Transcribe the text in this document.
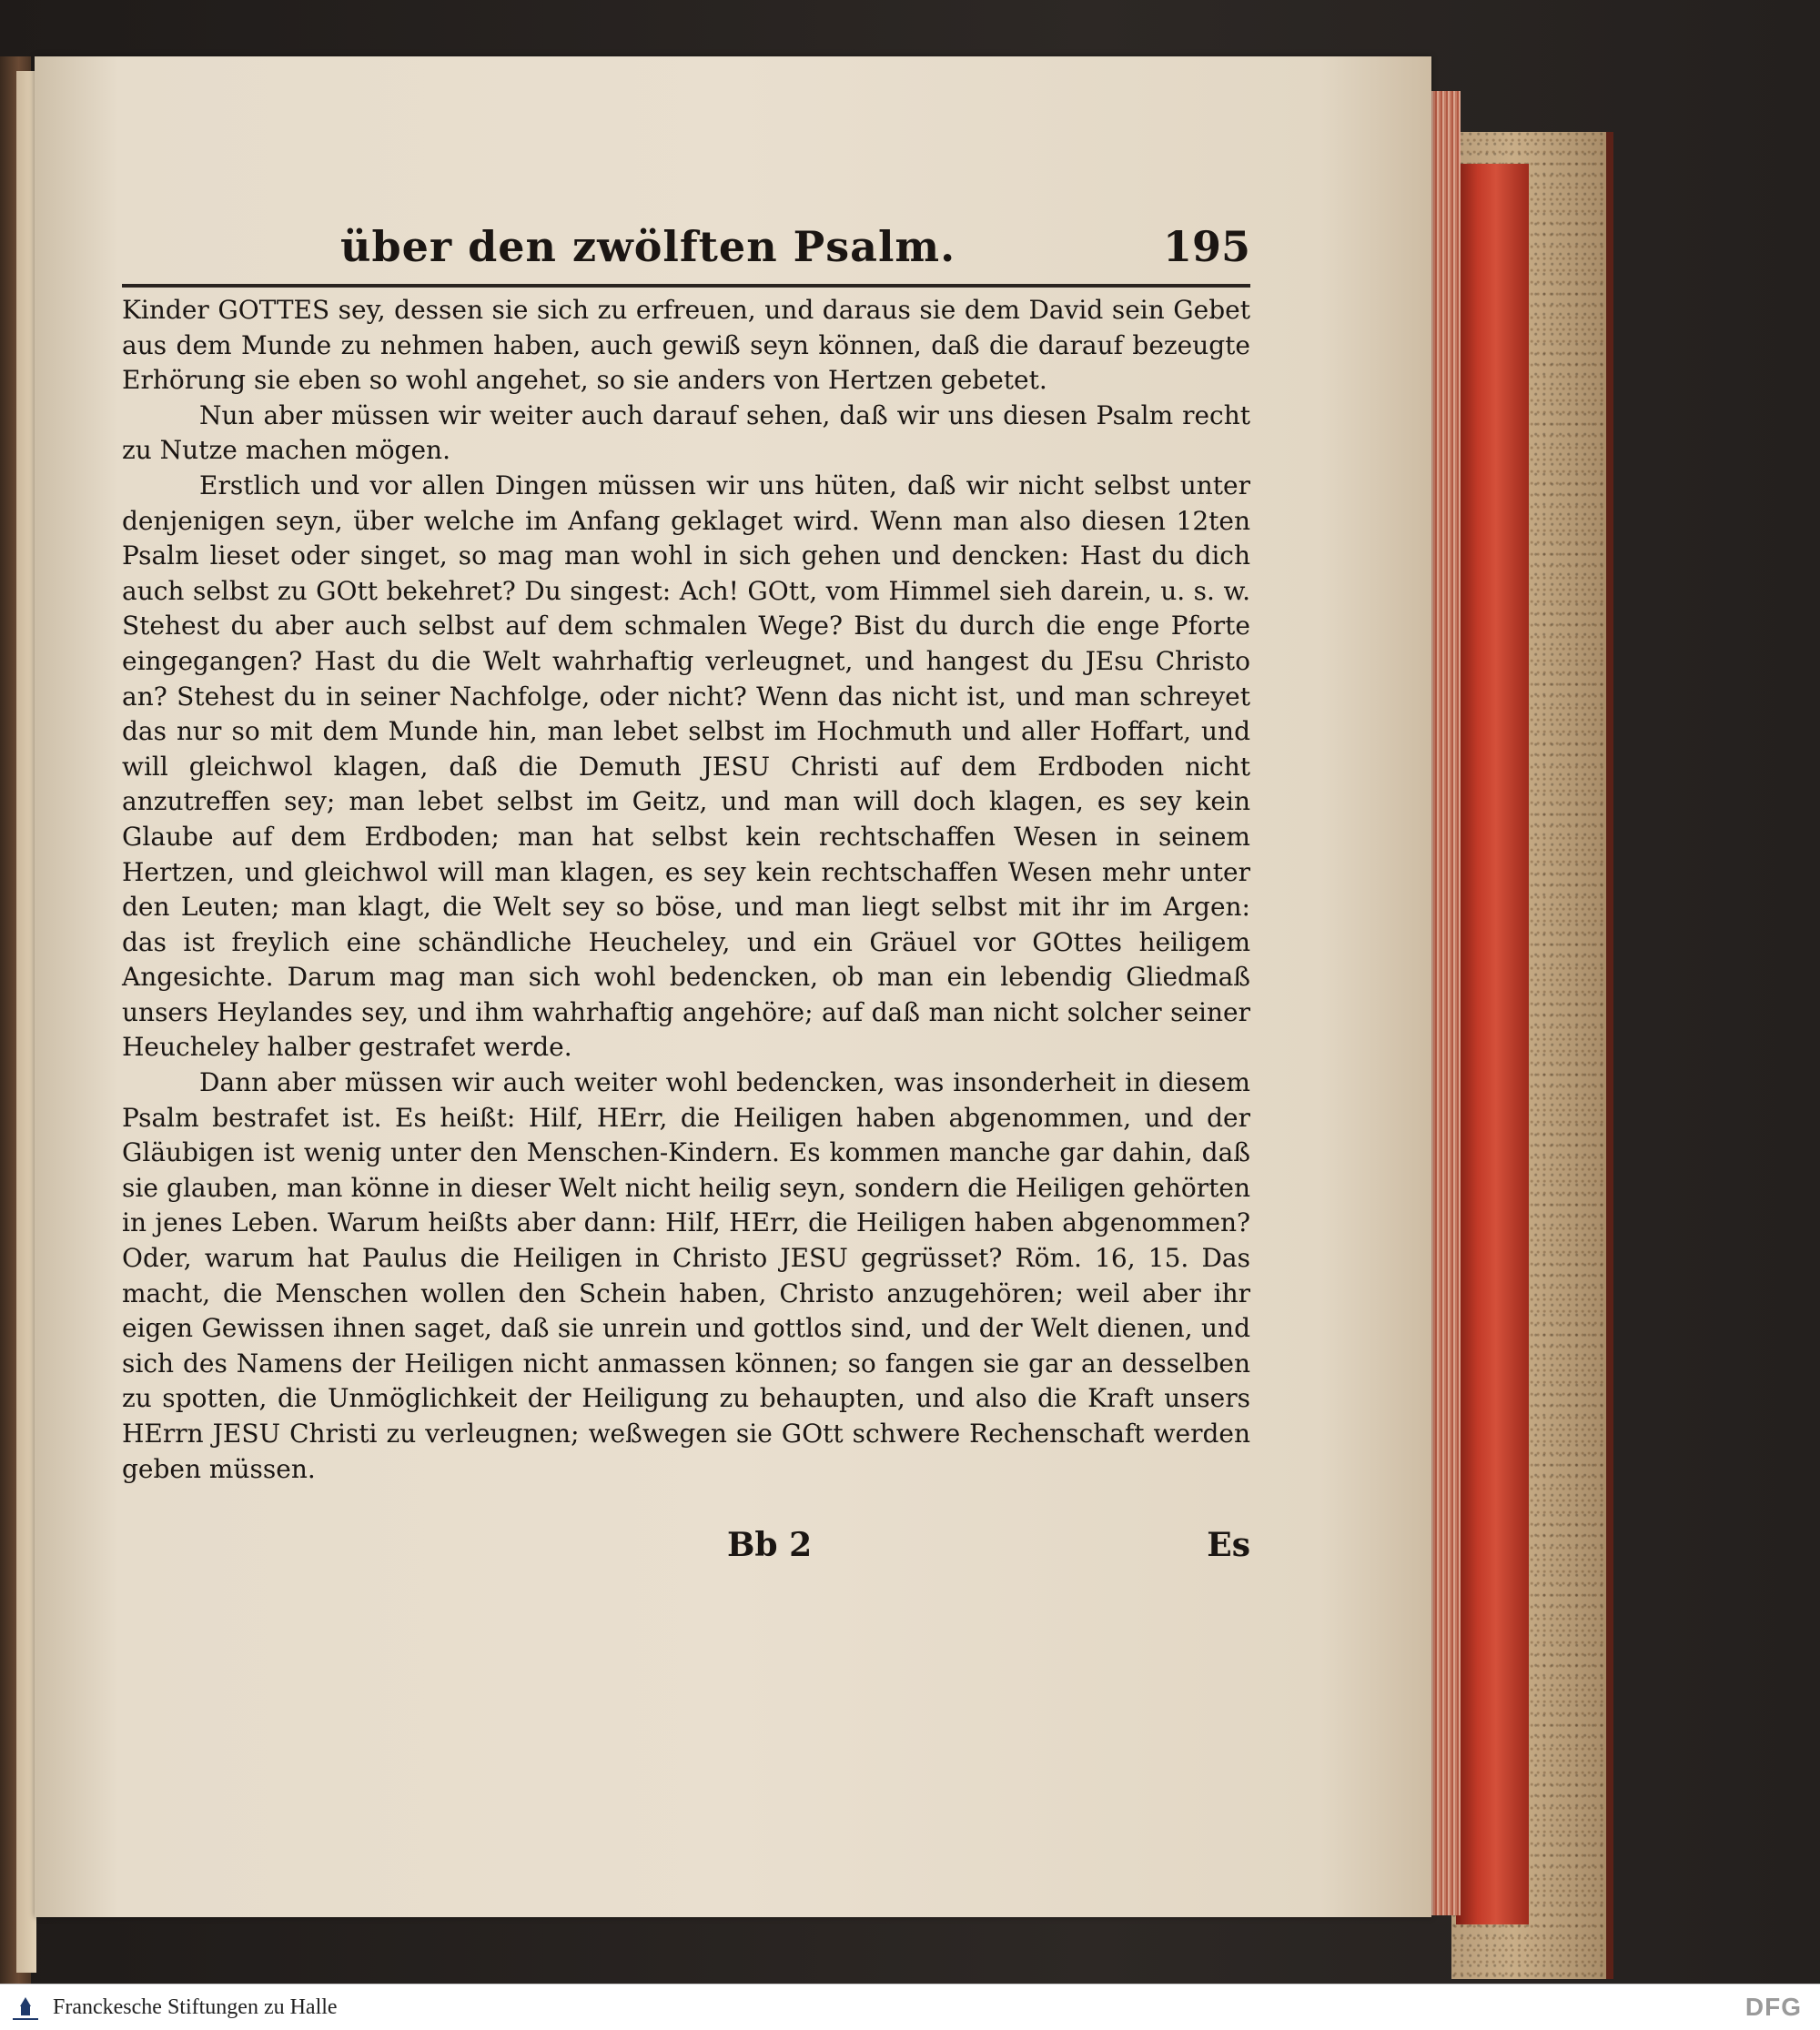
über den zwölften Psalm.	195

Kinder GOTTES sey, dessen sie sich zu erfreuen, und daraus sie dem David sein Gebet aus dem Munde zu nehmen haben, auch gewiß seyn können, daß die darauf bezeugte Erhörung sie eben so wohl angehet, so sie anders von Hertzen gebetet.

Nun aber müssen wir weiter auch darauf sehen, daß wir uns diesen Psalm recht zu Nutze machen mögen.

Erstlich und vor allen Dingen müssen wir uns hüten, daß wir nicht selbst unter denjenigen seyn, über welche im Anfang geklaget wird. Wenn man also diesen 12ten Psalm lieset oder singet, so mag man wohl in sich gehen und dencken: Hast du dich auch selbst zu GOtt bekehret? Du singest: Ach! GOtt, vom Himmel sieh darein, u. s. w. Stehest du aber auch selbst auf dem schmalen Wege? Bist du durch die enge Pforte eingegangen? Hast du die Welt wahrhaftig verleugnet, und hangest du JEsu Christo an? Stehest du in seiner Nachfolge, oder nicht? Wenn das nicht ist, und man schreyet das nur so mit dem Munde hin, man lebet selbst im Hochmuth und aller Hoffart, und will gleichwol klagen, daß die Demuth JESU Christi auf dem Erdboden nicht anzutreffen sey; man lebet selbst im Geitz, und man will doch klagen, es sey kein Glaube auf dem Erdboden; man hat selbst kein rechtschaffen Wesen in seinem Hertzen, und gleichwol will man klagen, es sey kein rechtschaffen Wesen mehr unter den Leuten; man klagt, die Welt sey so böse, und man liegt selbst mit ihr im Argen: das ist freylich eine schändliche Heucheley, und ein Gräuel vor GOttes heiligem Angesichte. Darum mag man sich wohl bedencken, ob man ein lebendig Gliedmaß unsers Heylandes sey, und ihm wahrhaftig angehöre; auf daß man nicht solcher seiner Heucheley halber gestrafet werde.

Dann aber müssen wir auch weiter wohl bedencken, was insonderheit in diesem Psalm bestrafet ist. Es heißt: Hilf, HErr, die Heiligen haben abgenommen, und der Gläubigen ist wenig unter den Menschen-Kindern. Es kommen manche gar dahin, daß sie glauben, man könne in dieser Welt nicht heilig seyn, sondern die Heiligen gehörten in jenes Leben. Warum heißts aber dann: Hilf, HErr, die Heiligen haben abgenommen? Oder, warum hat Paulus die Heiligen in Christo JESU gegrüsset? Röm. 16, 15. Das macht, die Menschen wollen den Schein haben, Christo anzugehören; weil aber ihr eigen Gewissen ihnen saget, daß sie unrein und gottlos sind, und der Welt dienen, und sich des Namens der Heiligen nicht anmassen können; so fangen sie gar an desselben zu spotten, die Unmöglichkeit der Heiligung zu behaupten, und also die Kraft unsers HErrn JESU Christi zu verleugnen; weßwegen sie GOtt schwere Rechenschaft werden geben müssen.

Bb 2	Es
Franckesche Stiftungen zu Halle	DFG
